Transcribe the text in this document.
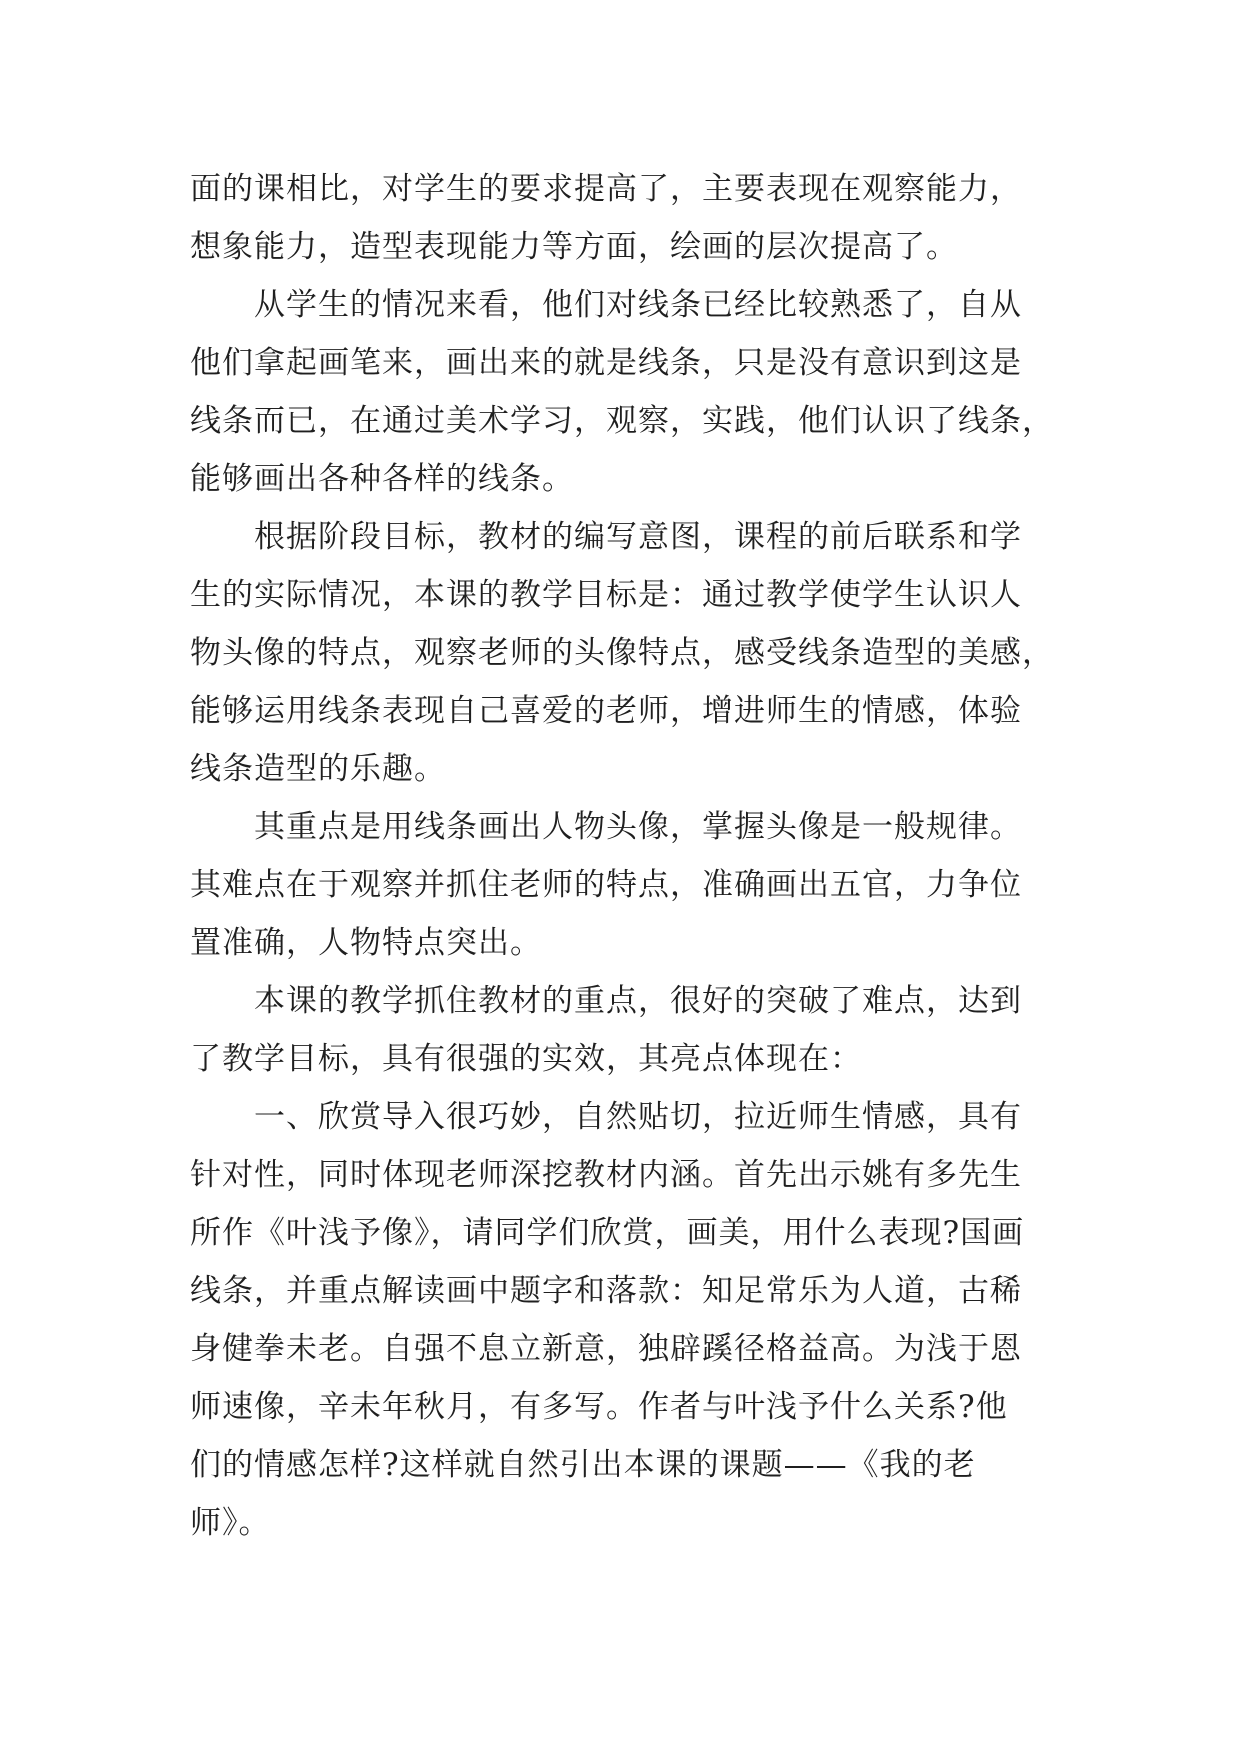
面的课相比，对学生的要求提高了，主要表现在观察能力，
想象能力，造型表现能力等方面，绘画的层次提高了。
从学生的情况来看，他们对线条已经比较熟悉了，自从
他们拿起画笔来，画出来的就是线条，只是没有意识到这是
线条而已，在通过美术学习，观察，实践，他们认识了线条，
能够画出各种各样的线条。
根据阶段目标，教材的编写意图，课程的前后联系和学
生的实际情况，本课的教学目标是：通过教学使学生认识人
物头像的特点，观察老师的头像特点，感受线条造型的美感，
能够运用线条表现自己喜爱的老师，增进师生的情感，体验
线条造型的乐趣。
其重点是用线条画出人物头像，掌握头像是一般规律。
其难点在于观察并抓住老师的特点，准确画出五官，力争位
置准确，人物特点突出。
本课的教学抓住教材的重点，很好的突破了难点，达到
了教学目标，具有很强的实效，其亮点体现在：
一、欣赏导入很巧妙，自然贴切，拉近师生情感，具有
针对性，同时体现老师深挖教材内涵。首先出示姚有多先生
所作《叶浅予像》，请同学们欣赏，画美，用什么表现?国画
线条，并重点解读画中题字和落款：知足常乐为人道，古稀
身健拳未老。自强不息立新意，独辟蹊径格益高。为浅于恩
师速像，辛未年秋月，有多写。作者与叶浅予什么关系?他
们的情感怎样?这样就自然引出本课的课题——《我的老
师》。
